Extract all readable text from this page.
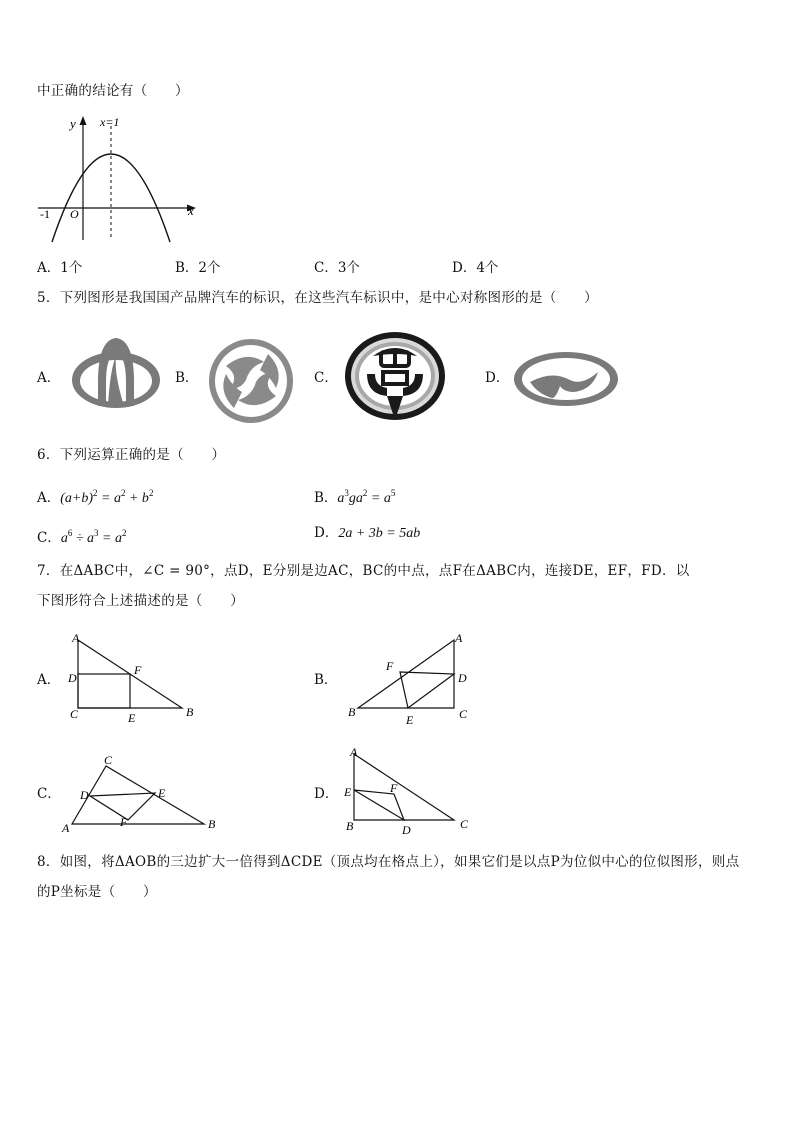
中正确的结论有（　　）
y
x
x=1
-1 O
A．1个	B．2个	C．3个	D．4个
5．下列图形是我国国产品牌汽车的标识，在这些汽车标识中，是中心对称图形的是（　　）
A．	B．	C．	D．
6．下列运算正确的是（　　）
A．$(a+b)^2 = a^2 + b^2$	B．$a^3ga^2 = a^5$
C．$a^6 \div a^3 = a^2$	D．2a + 3b = 5ab
7．在ΔABC中，∠C = 90°，点D，E分别是边AC，BC的中点，点F在ΔABC内，连接DE，EF，FD．以
下图形符合上述描述的是（　　）
A．
A
D
F
C	E	B
B．
A
F
D
B
E	C
C．
C
D	E
A	F	B
D．
A
E	F
B	D	C
8．如图，将ΔAOB的三边扩大一倍得到ΔCDE（顶点均在格点上），如果它们是以点P为位似中心的位似图形，则点
的P坐标是（　　）
